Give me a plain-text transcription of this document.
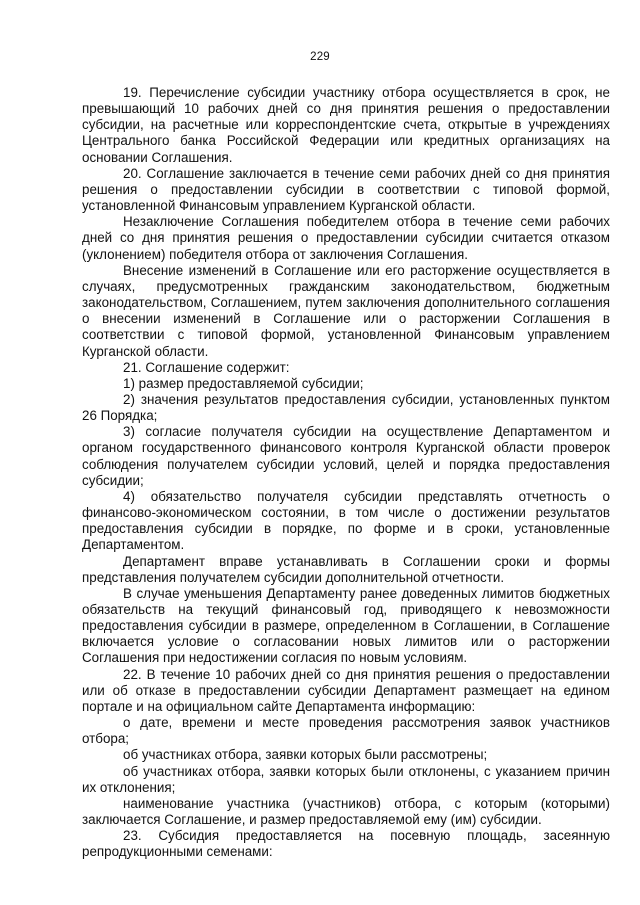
229

19. Перечисление субсидии участнику отбора осуществляется в срок, не превышающий 10 рабочих дней со дня принятия решения о предоставлении субсидии, на расчетные или корреспондентские счета, открытые в учреждениях Центрального банка Российской Федерации или кредитных организациях на основании Соглашения.

20. Соглашение заключается в течение семи рабочих дней со дня принятия решения о предоставлении субсидии в соответствии с типовой формой, установленной Финансовым управлением Курганской области.

Незаключение Соглашения победителем отбора в течение семи рабочих дней со дня принятия решения о предоставлении субсидии считается отказом (уклонением) победителя отбора от заключения Соглашения.

Внесение изменений в Соглашение или его расторжение осуществляется в случаях, предусмотренных гражданским законодательством, бюджетным законодательством, Соглашением, путем заключения дополнительного соглашения о внесении изменений в Соглашение или о расторжении Соглашения в соответствии с типовой формой, установленной Финансовым управлением Курганской области.

21. Соглашение содержит:

1) размер предоставляемой субсидии;

2) значения результатов предоставления субсидии, установленных пунктом 26 Порядка;

3) согласие получателя субсидии на осуществление Департаментом и органом государственного финансового контроля Курганской области проверок соблюдения получателем субсидии условий, целей и порядка предоставления субсидии;

4) обязательство получателя субсидии представлять отчетность о финансово-экономическом состоянии, в том числе о достижении результатов предоставления субсидии в порядке, по форме и в сроки, установленные Департаментом.

Департамент вправе устанавливать в Соглашении сроки и формы представления получателем субсидии дополнительной отчетности.

В случае уменьшения Департаменту ранее доведенных лимитов бюджетных обязательств на текущий финансовый год, приводящего к невозможности предоставления субсидии в размере, определенном в Соглашении, в Соглашение включается условие о согласовании новых лимитов или о расторжении Соглашения при недостижении согласия по новым условиям.

22. В течение 10 рабочих дней со дня принятия решения о предоставлении или об отказе в предоставлении субсидии Департамент размещает на едином портале и на официальном сайте Департамента информацию:

о дате, времени и месте проведения рассмотрения заявок участников отбора;

об участниках отбора, заявки которых были рассмотрены;

об участниках отбора, заявки которых были отклонены, с указанием причин их отклонения;

наименование участника (участников) отбора, с которым (которыми) заключается Соглашение, и размер предоставляемой ему (им) субсидии.

23. Субсидия предоставляется на посевную площадь, засеянную репродукционными семенами:
